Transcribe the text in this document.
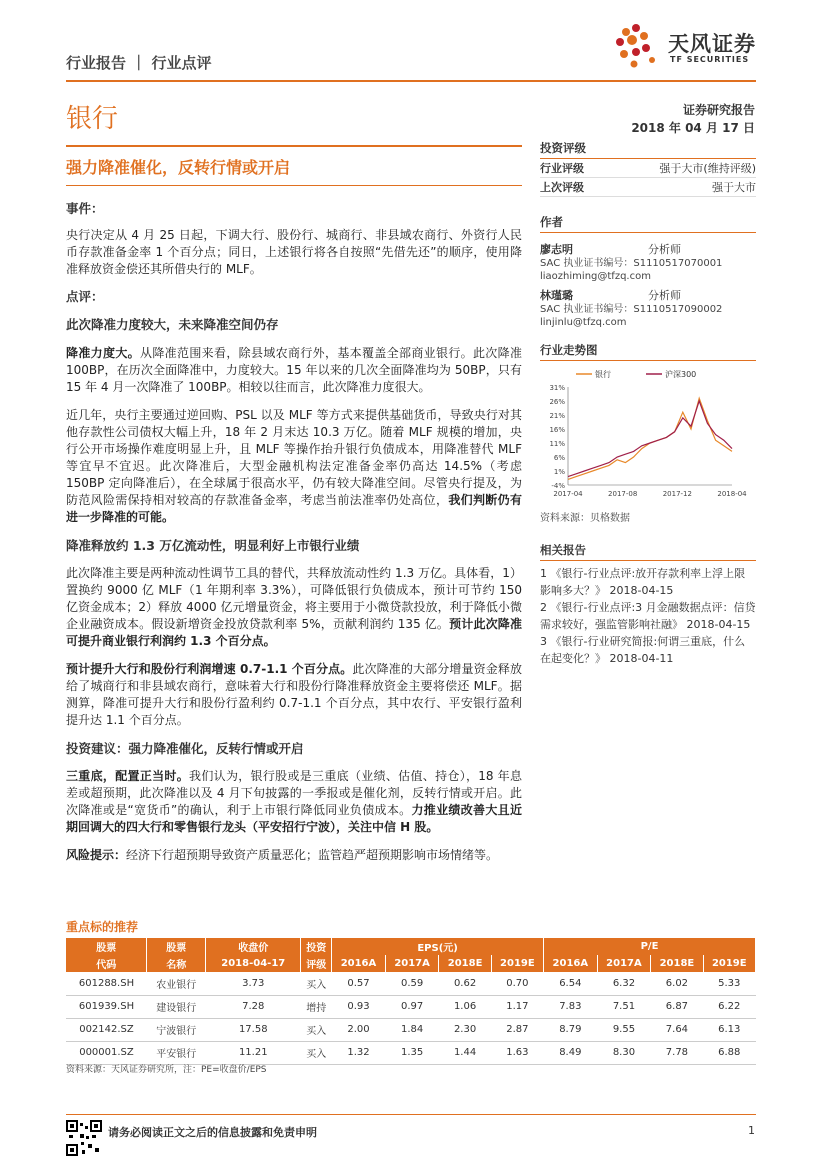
行业报告 ｜ 行业点评
天风证券
TF SECURITIES
银行	证券研究报告
2018 年 04 月 17 日
强力降准催化，反转行情或开启
事件：

央行决定从 4 月 25 日起，下调大行、股份行、城商行、非县域农商行、外资行人民币存款准备金率 1 个百分点；同日，上述银行将各自按照“先借先还”的顺序，使用降准释放资金偿还其所借央行的 MLF。

点评：
此次降准力度较大，未来降准空间仍存

降准力度大。从降准范围来看，除县域农商行外，基本覆盖全部商业银行。此次降准 100BP，在历次全面降准中，力度较大。15 年以来的几次全面降准均为 50BP，只有 15 年 4 月一次降准了 100BP。相较以往而言，此次降准力度很大。

近几年，央行主要通过逆回购、PSL 以及 MLF 等方式来提供基础货币，导致央行对其他存款性公司债权大幅上升，18 年 2 月末达 10.3 万亿。随着 MLF 规模的增加，央行公开市场操作难度明显上升，且 MLF 等操作抬升银行负债成本，用降准替代 MLF 等宜早不宜迟。此次降准后，大型金融机构法定准备金率仍高达 14.5%（考虑 150BP 定向降准后），在全球属于很高水平，仍有较大降准空间。尽管央行提及，为防范风险需保持相对较高的存款准备金率，考虑当前法准率仍处高位，我们判断仍有进一步降准的可能。

降准释放约 1.3 万亿流动性，明显利好上市银行业绩

此次降准主要是两种流动性调节工具的替代，共释放流动性约 1.3 万亿。具体看，1）置换约 9000 亿 MLF（1 年期利率 3.3%），可降低银行负债成本，预计可节约 150 亿资金成本；2）释放 4000 亿元增量资金，将主要用于小微贷款投放，利于降低小微企业融资成本。假设新增资金投放贷款利率 5%，贡献利润约 135 亿。预计此次降准可提升商业银行利润约 1.3 个百分点。

预计提升大行和股份行利润增速 0.7-1.1 个百分点。此次降准的大部分增量资金释放给了城商行和非县域农商行，意味着大行和股份行降准释放资金主要将偿还 MLF。据测算，降准可提升大行和股份行盈利约 0.7-1.1 个百分点，其中农行、平安银行盈利提升达 1.1 个百分点。

投资建议：强力降准催化，反转行情或开启

三重底，配置正当时。我们认为，银行股或是三重底（业绩、估值、持仓），18 年息差或超预期，此次降准以及 4 月下旬披露的一季报或是催化剂，反转行情或开启。此次降准或是“宽货币”的确认，利于上市银行降低同业负债成本。力推业绩改善大且近期回调大的四大行和零售银行龙头（平安招行宁波），关注中信 H 股。

风险提示：经济下行超预期导致资产质量恶化；监管趋严超预期影响市场情绪等。

投资评级
行业评级	强于大市(维持评级)
上次评级	强于大市
作者
廖志明	分析师
SAC 执业证书编号：S1110517070001
liaozhiming@tfzq.com
林瑾璐	分析师
SAC 执业证书编号：S1110517090002
linjinlu@tfzq.com
行业走势图
31%
26%
21%
16%
11%
6%
1%
-4%
2017-04	2017-08	2017-12	2018-04
银行	沪深300
资料来源：贝格数据
相关报告
1 《银行-行业点评:放开存款利率上浮上限影响多大？》 2018-04-15
2 《银行-行业点评:3 月金融数据点评：信贷需求较好，强监管影响社融》 2018-04-15
3 《银行-行业研究简报:何谓三重底，什么在起变化？》 2018-04-11
重点标的推荐
股票	股票	收盘价	投资	EPS(元)				P/E			
代码	名称	2018-04-17	评级	2016A	2017A	2018E	2019E	2016A	2017A	2018E	2019E
601288.SH	农业银行	3.73	买入	0.57	0.59	0.62	0.70	6.54	6.32	6.02	5.33
601939.SH	建设银行	7.28	增持	0.93	0.97	1.06	1.17	7.83	7.51	6.87	6.22
002142.SZ	宁波银行	17.58	买入	2.00	1.84	2.30	2.87	8.79	9.55	7.64	6.13
000001.SZ	平安银行	11.21	买入	1.32	1.35	1.44	1.63	8.49	8.30	7.78	6.88
资料来源：天风证券研究所，注：PE=收盘价/EPS
请务必阅读正文之后的信息披露和免责申明	1
